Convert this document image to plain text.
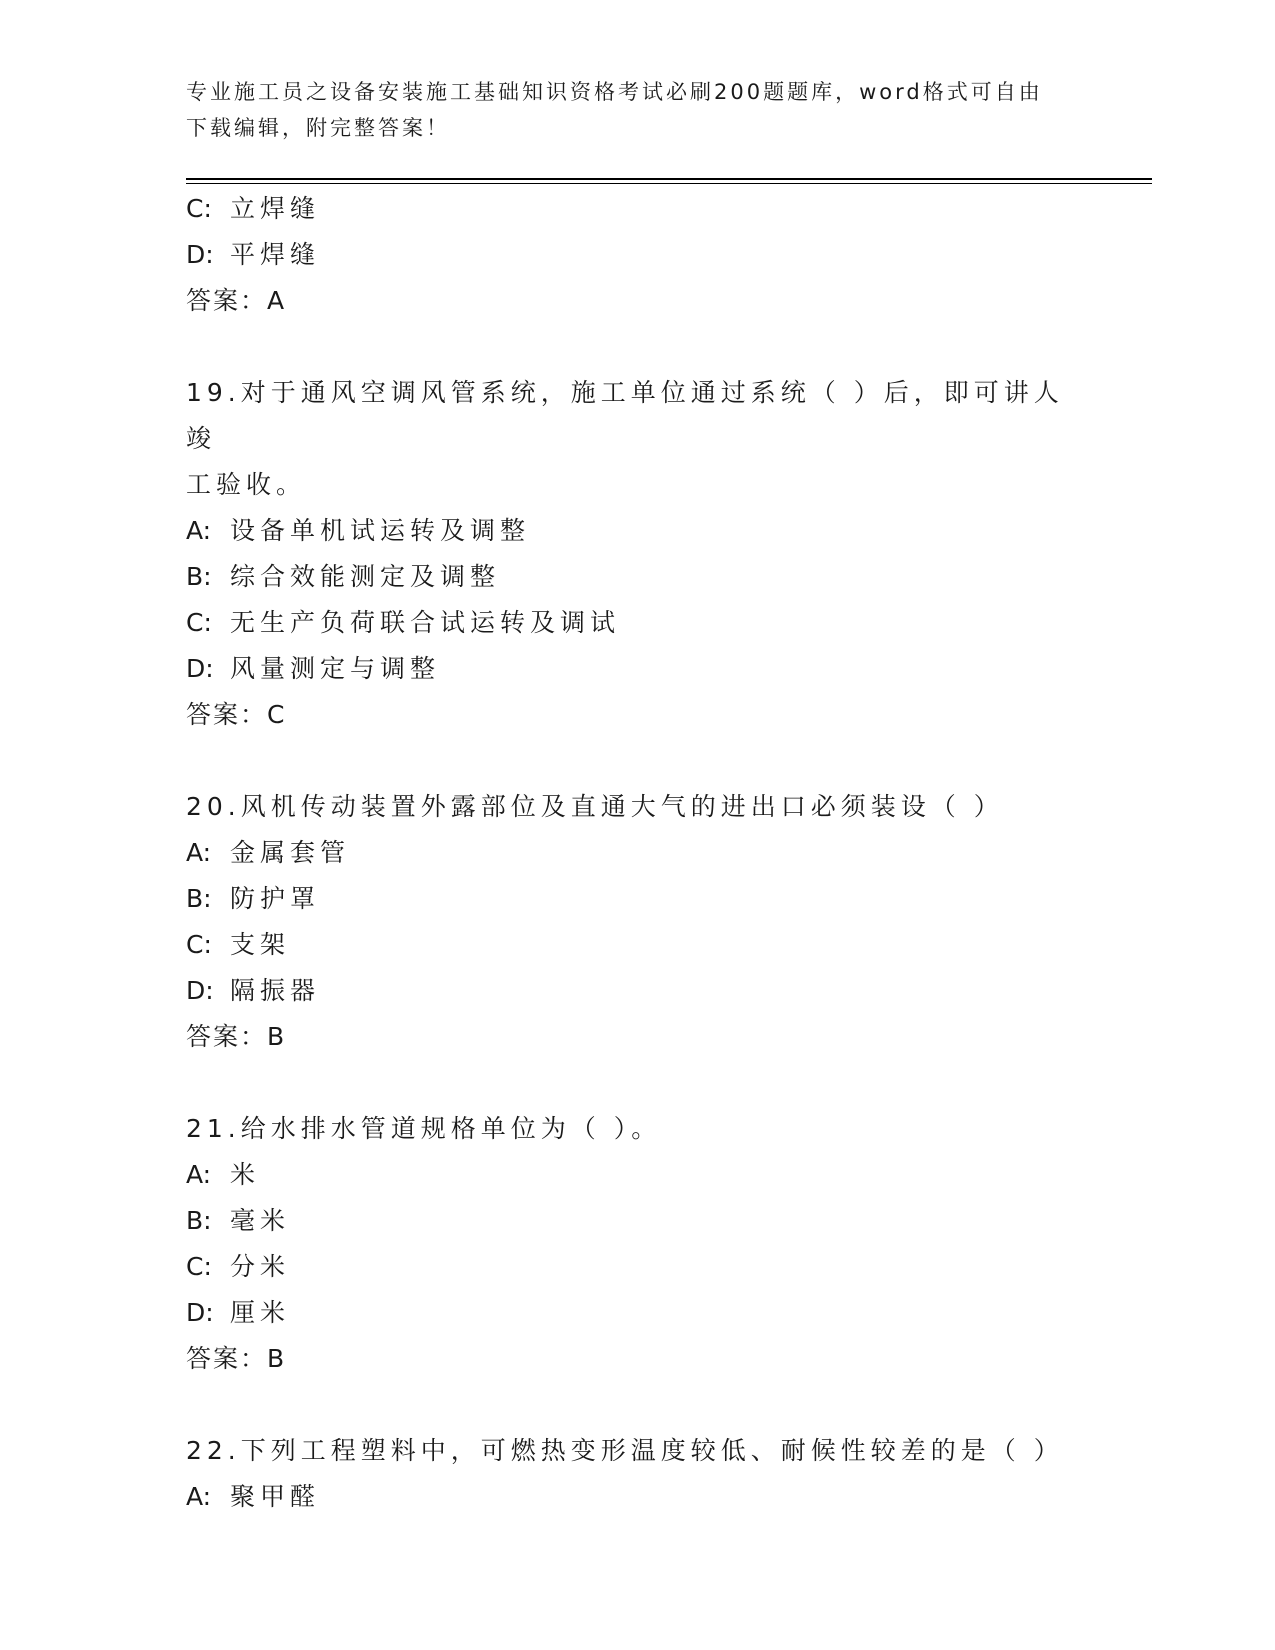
专业施工员之设备安装施工基础知识资格考试必刷200题题库，word格式可自由
下载编辑，附完整答案！
C: 立焊缝
D: 平焊缝
答案：A
19.对于通风空调风管系统，施工单位通过系统（ ）后，即可讲人竣
工验收。
A: 设备单机试运转及调整
B: 综合效能测定及调整
C: 无生产负荷联合试运转及调试
D: 风量测定与调整
答案：C
20.风机传动装置外露部位及直通大气的进出口必须装设（ ）
A: 金属套管
B: 防护罩
C: 支架
D: 隔振器
答案：B
21.给水排水管道规格单位为（ ）。
A: 米
B: 毫米
C: 分米
D: 厘米
答案：B
22.下列工程塑料中，可燃热变形温度较低、耐候性较差的是（ ）
A: 聚甲醛
